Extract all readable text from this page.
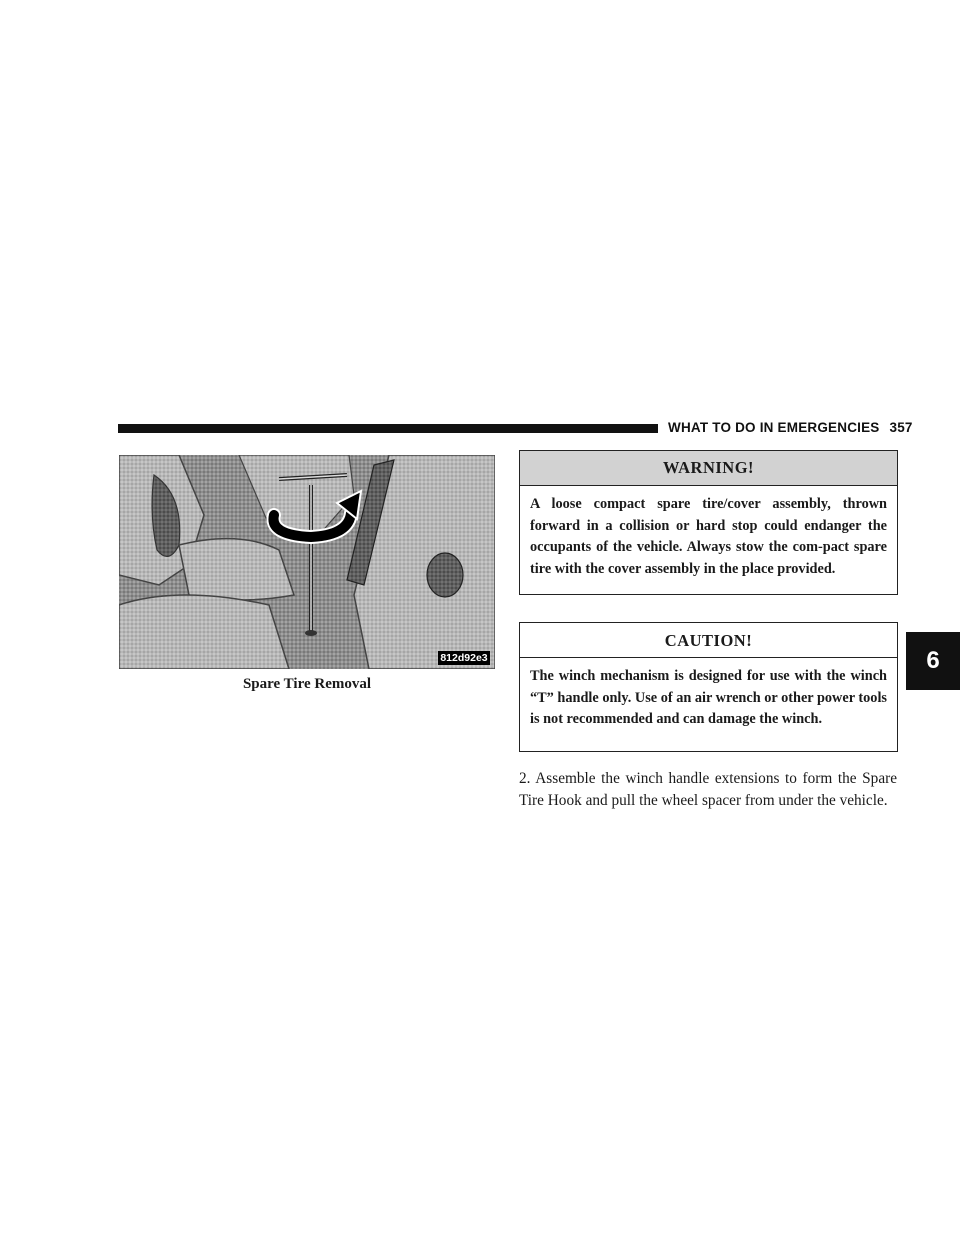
WHAT TO DO IN EMERGENCIES 357
812d92e3
Spare Tire Removal
WARNING!
A loose compact spare tire/cover assembly, thrown forward in a collision or hard stop could endanger the occupants of the vehicle. Always stow the com-pact spare tire with the cover assembly in the place provided.
CAUTION!
The winch mechanism is designed for use with the winch “T” handle only. Use of an air wrench or other power tools is not recommended and can damage the winch.
2. Assemble the winch handle extensions to form the Spare Tire Hook and pull the wheel spacer from under the vehicle.
6
